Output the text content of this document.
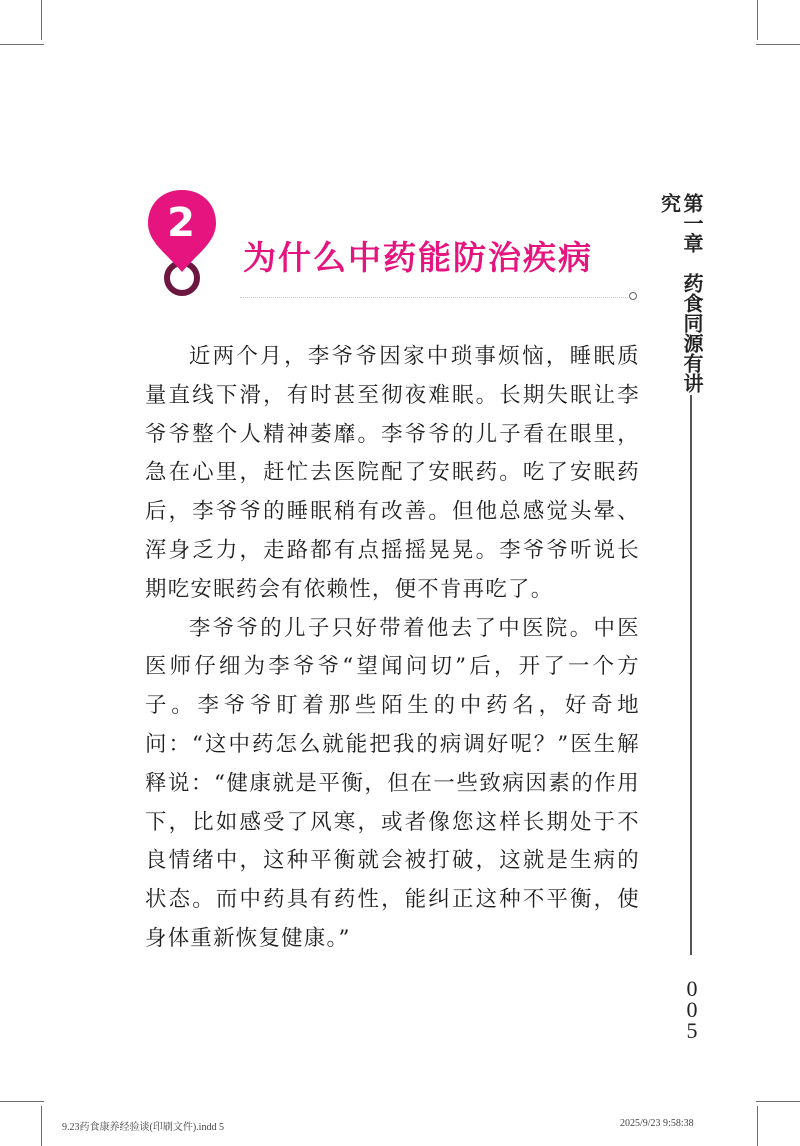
2
为什么中药能防治疾病

近两个月，李爷爷因家中琐事烦恼，睡眠质量直线下滑，有时甚至彻夜难眠。长期失眠让李爷爷整个人精神萎靡。李爷爷的儿子看在眼里，急在心里，赶忙去医院配了安眠药。吃了安眠药后，李爷爷的睡眠稍有改善。但他总感觉头晕、浑身乏力，走路都有点摇摇晃晃。李爷爷听说长期吃安眠药会有依赖性，便不肯再吃了。

李爷爷的儿子只好带着他去了中医院。中医医师仔细为李爷爷“望闻问切”后，开了一个方子。李爷爷盯着那些陌生的中药名，好奇地问：“这中药怎么就能把我的病调好呢？”医生解释说：“健康就是平衡，但在一些致病因素的作用下，比如感受了风寒，或者像您这样长期处于不良情绪中，这种平衡就会被打破，这就是生病的状态。而中药具有药性，能纠正这种不平衡，使身体重新恢复健康。”

第一章　药食同源有讲究
0
0
5
9.23药食康养经验谈(印刷文件).indd 5	2025/9/23 9:58:38
